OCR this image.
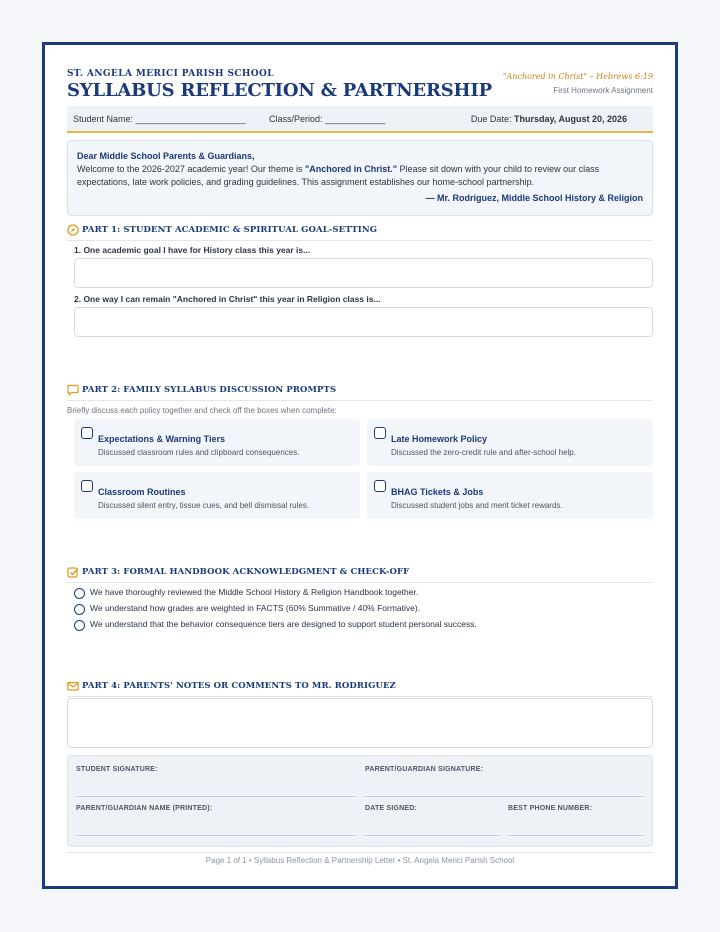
ST. ANGELA MERICI PARISH SCHOOL
SYLLABUS REFLECTION & PARTNERSHIP
"Anchored in Christ" – Hebrews 6:19
First Homework Assignment
Student Name: ______________________	Class/Period: ____________	Due Date: Thursday, August 20, 2026
Dear Middle School Parents & Guardians,
Welcome to the 2026-2027 academic year! Our theme is "Anchored in Christ." Please sit down with your child to review our class expectations, late work policies, and grading guidelines. This assignment establishes our home-school partnership.
— Mr. Rodriguez, Middle School History & Religion
PART 1: STUDENT ACADEMIC & SPIRITUAL GOAL-SETTING
1. One academic goal I have for History class this year is...
2. One way I can remain "Anchored in Christ" this year in Religion class is...
PART 2: FAMILY SYLLABUS DISCUSSION PROMPTS
Briefly discuss each policy together and check off the boxes when complete:
Expectations & Warning Tiers
Discussed classroom rules and clipboard consequences.
Late Homework Policy
Discussed the zero-credit rule and after-school help.
Classroom Routines
Discussed silent entry, tissue cues, and bell dismissal rules.
BHAG Tickets & Jobs
Discussed student jobs and merit ticket rewards.
PART 3: FORMAL HANDBOOK ACKNOWLEDGMENT & CHECK-OFF
We have thoroughly reviewed the Middle School History & Religion Handbook together.
We understand how grades are weighted in FACTS (60% Summative / 40% Formative).
We understand that the behavior consequence tiers are designed to support student personal success.
PART 4: PARENTS' NOTES OR COMMENTS TO MR. RODRIGUEZ
STUDENT SIGNATURE:	PARENT/GUARDIAN SIGNATURE:
PARENT/GUARDIAN NAME (PRINTED):	DATE SIGNED:	BEST PHONE NUMBER:
Page 1 of 1 • Syllabus Reflection & Partnership Letter • St. Angela Merici Parish School
